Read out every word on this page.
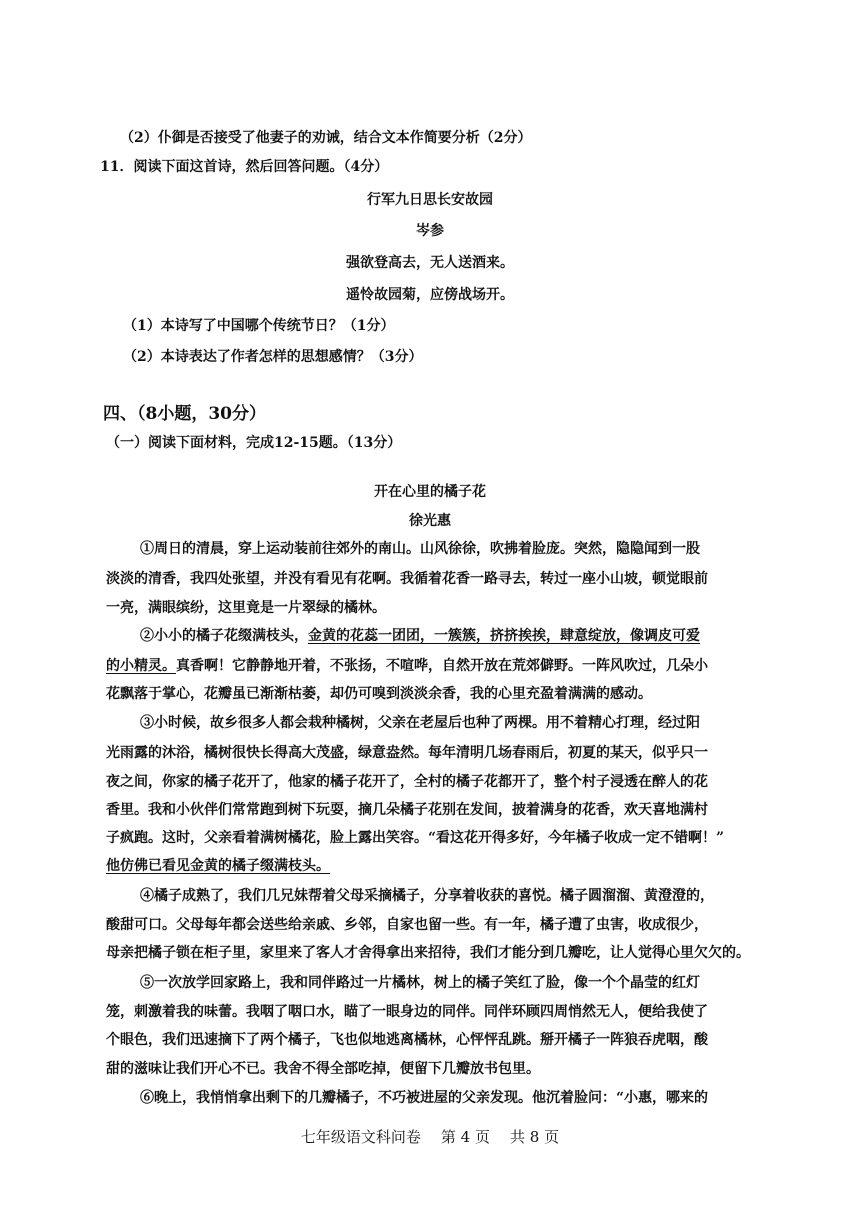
（2）仆御是否接受了他妻子的劝诫，结合文本作简要分析（2分）
11．阅读下面这首诗，然后回答问题。（4分）
行军九日思长安故园
岑参
强欲登高去，无人送酒来。
遥怜故园菊，应傍战场开。
（1）本诗写了中国哪个传统节日？（1分）
（2）本诗表达了作者怎样的思想感情？（3分）
四、（8小题，30分）
（一）阅读下面材料，完成12-15题。（13分）
开在心里的橘子花
徐光惠
①周日的清晨，穿上运动装前往郊外的南山。山风徐徐，吹拂着脸庞。突然，隐隐闻到一股
淡淡的清香，我四处张望，并没有看见有花啊。我循着花香一路寻去，转过一座小山坡，顿觉眼前
一亮，满眼缤纷，这里竟是一片翠绿的橘林。
②小小的橘子花缀满枝头，金黄的花蕊一团团，一簇簇，挤挤挨挨，肆意绽放，像调皮可爱
的小精灵。真香啊！它静静地开着，不张扬，不喧哗，自然开放在荒郊僻野。一阵风吹过，几朵小
花飘落于掌心，花瓣虽已渐渐枯萎，却仍可嗅到淡淡余香，我的心里充盈着满满的感动。
③小时候，故乡很多人都会栽种橘树，父亲在老屋后也种了两棵。用不着精心打理，经过阳
光雨露的沐浴，橘树很快长得高大茂盛，绿意盎然。每年清明几场春雨后，初夏的某天，似乎只一
夜之间，你家的橘子花开了，他家的橘子花开了，全村的橘子花都开了，整个村子浸透在醉人的花
香里。我和小伙伴们常常跑到树下玩耍，摘几朵橘子花别在发间，披着满身的花香，欢天喜地满村
子疯跑。这时，父亲看着满树橘花，脸上露出笑容。“看这花开得多好，今年橘子收成一定不错啊！”
他仿佛已看见金黄的橘子缀满枝头。
④橘子成熟了，我们几兄妹帮着父母采摘橘子，分享着收获的喜悦。橘子圆溜溜、黄澄澄的，
酸甜可口。父母每年都会送些给亲戚、乡邻，自家也留一些。有一年，橘子遭了虫害，收成很少，
母亲把橘子锁在柜子里，家里来了客人才舍得拿出来招待，我们才能分到几瓣吃，让人觉得心里欠欠的。
⑤一次放学回家路上，我和同伴路过一片橘林，树上的橘子笑红了脸，像一个个晶莹的红灯
笼，刺激着我的味蕾。我咽了咽口水，瞄了一眼身边的同伴。同伴环顾四周悄然无人，便给我使了
个眼色，我们迅速摘下了两个橘子，飞也似地逃离橘林，心怦怦乱跳。掰开橘子一阵狼吞虎咽，酸
甜的滋味让我们开心不已。我舍不得全部吃掉，便留下几瓣放书包里。
⑥晚上，我悄悄拿出剩下的几瓣橘子，不巧被进屋的父亲发现。他沉着脸问：“小惠，哪来的
七年级语文科问卷 第 4 页 共 8 页
